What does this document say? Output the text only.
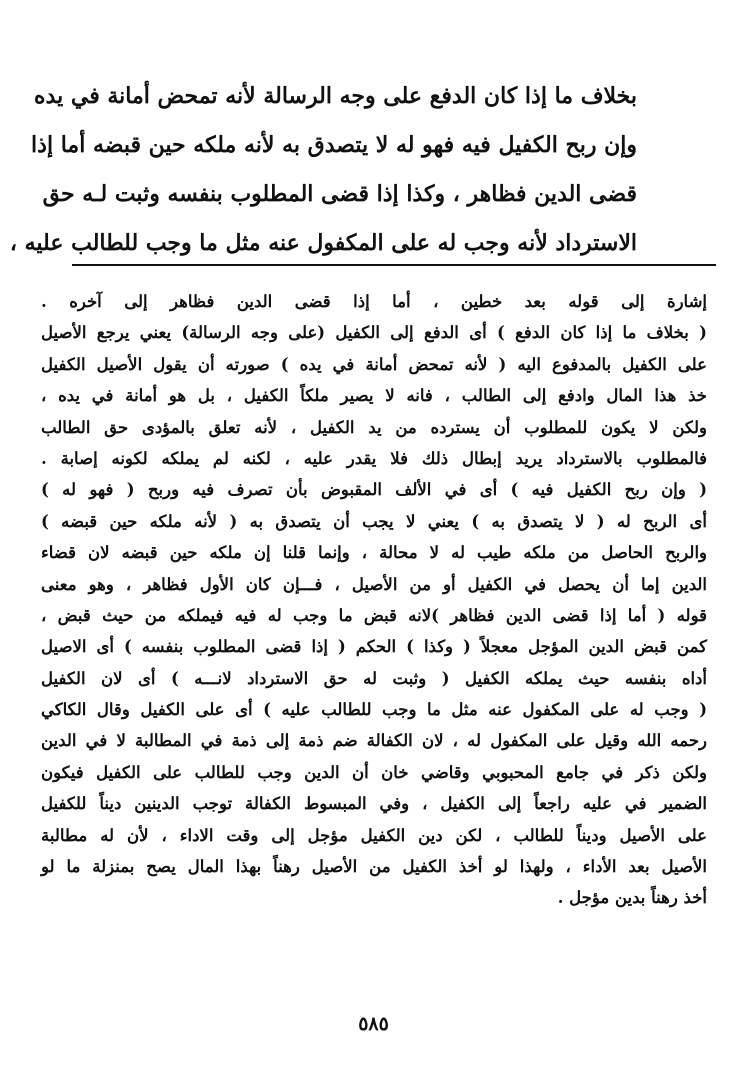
بخلاف ما إذا كان الدفع على وجه الرسالة لأنه تمحض أمانة في يده
وإن ربح الكفيل فيه فهو له لا يتصدق به لأنه ملكه حين قبضه أما إذا
قضى الدين فظاهر ، وكذا إذا قضى المطلوب بنفسه وثبت لـه حق
الاسترداد لأنه وجب له على المكفول عنه مثل ما وجب للطالب عليه ،
إشارة إلى قوله بعد خطين ، أما إذا قضى الدين فظاهر إلى آخره .
( بخلاف ما إذا كان الدفع ) أى الدفع إلى الكفيل (على وجه الرسالة) يعني يرجع الأصيل
على الكفيل بالمدفوع اليه ( لأنه تمحض أمانة في يده ) صورته أن يقول الأصيل الكفيل
خذ هذا المال وادفع إلى الطالب ، فانه لا يصير ملكاً الكفيل ، بل هو أمانة في يده ،
ولكن لا يكون للمطلوب أن يسترده من يد الكفيل ، لأنه تعلق بالمؤدى حق الطالب
فالمطلوب بالاسترداد يريد إبطال ذلك فلا يقدر عليه ، لكنه لم يملكه لكونه إصابة .
( وإن ربح الكفيل فيه ) أى في الألف المقبوض بأن تصرف فيه وربح ( فهو له )
أى الربح له ( لا يتصدق به ) يعني لا يجب أن يتصدق به ( لأنه ملكه حين قبضه )
والربح الحاصل من ملكه طيب له لا محالة ، وإنما قلنا إن ملكه حين قبضه لان قضاء
الدين إما أن يحصل في الكفيل أو من الأصيل ، فـــإن كان الأول فظاهر ، وهو معنى
قوله ( أما إذا قضى الدين فظاهر )لانه قبض ما وجب له فيه فيملكه من حيث قبض ،
كمن قبض الدين المؤجل معجلاً ( وكذا ) الحكم ( إذا قضى المطلوب بنفسه ) أى الاصيل
أداه بنفسه حيث يملكه الكفيل ( وثبت له حق الاسترداد لانـــه ) أى لان الكفيل
( وجب له على المكفول عنه مثل ما وجب للطالب عليه ) أى على الكفيل وقال الكاكي
رحمه الله وقيل على المكفول له ، لان الكفالة ضم ذمة إلى ذمة في المطالبة لا في الدين
ولكن ذكر في جامع المحبوبي وقاضي خان أن الدين وجب للطالب على الكفيل فيكون
الضمير في عليه راجعاً إلى الكفيل ، وفي المبسوط الكفالة توجب الدينين ديناً للكفيل
على الأصيل وديناً للطالب ، لكن دين الكفيل مؤجل إلى وقت الاداء ، لأن له مطالبة
الأصيل بعد الأداء ، ولهذا لو أخذ الكفيل من الأصيل رهناً بهذا المال يصح بمنزلة ما لو
أخذ رهناً بدين مؤجل .
٥٨٥
